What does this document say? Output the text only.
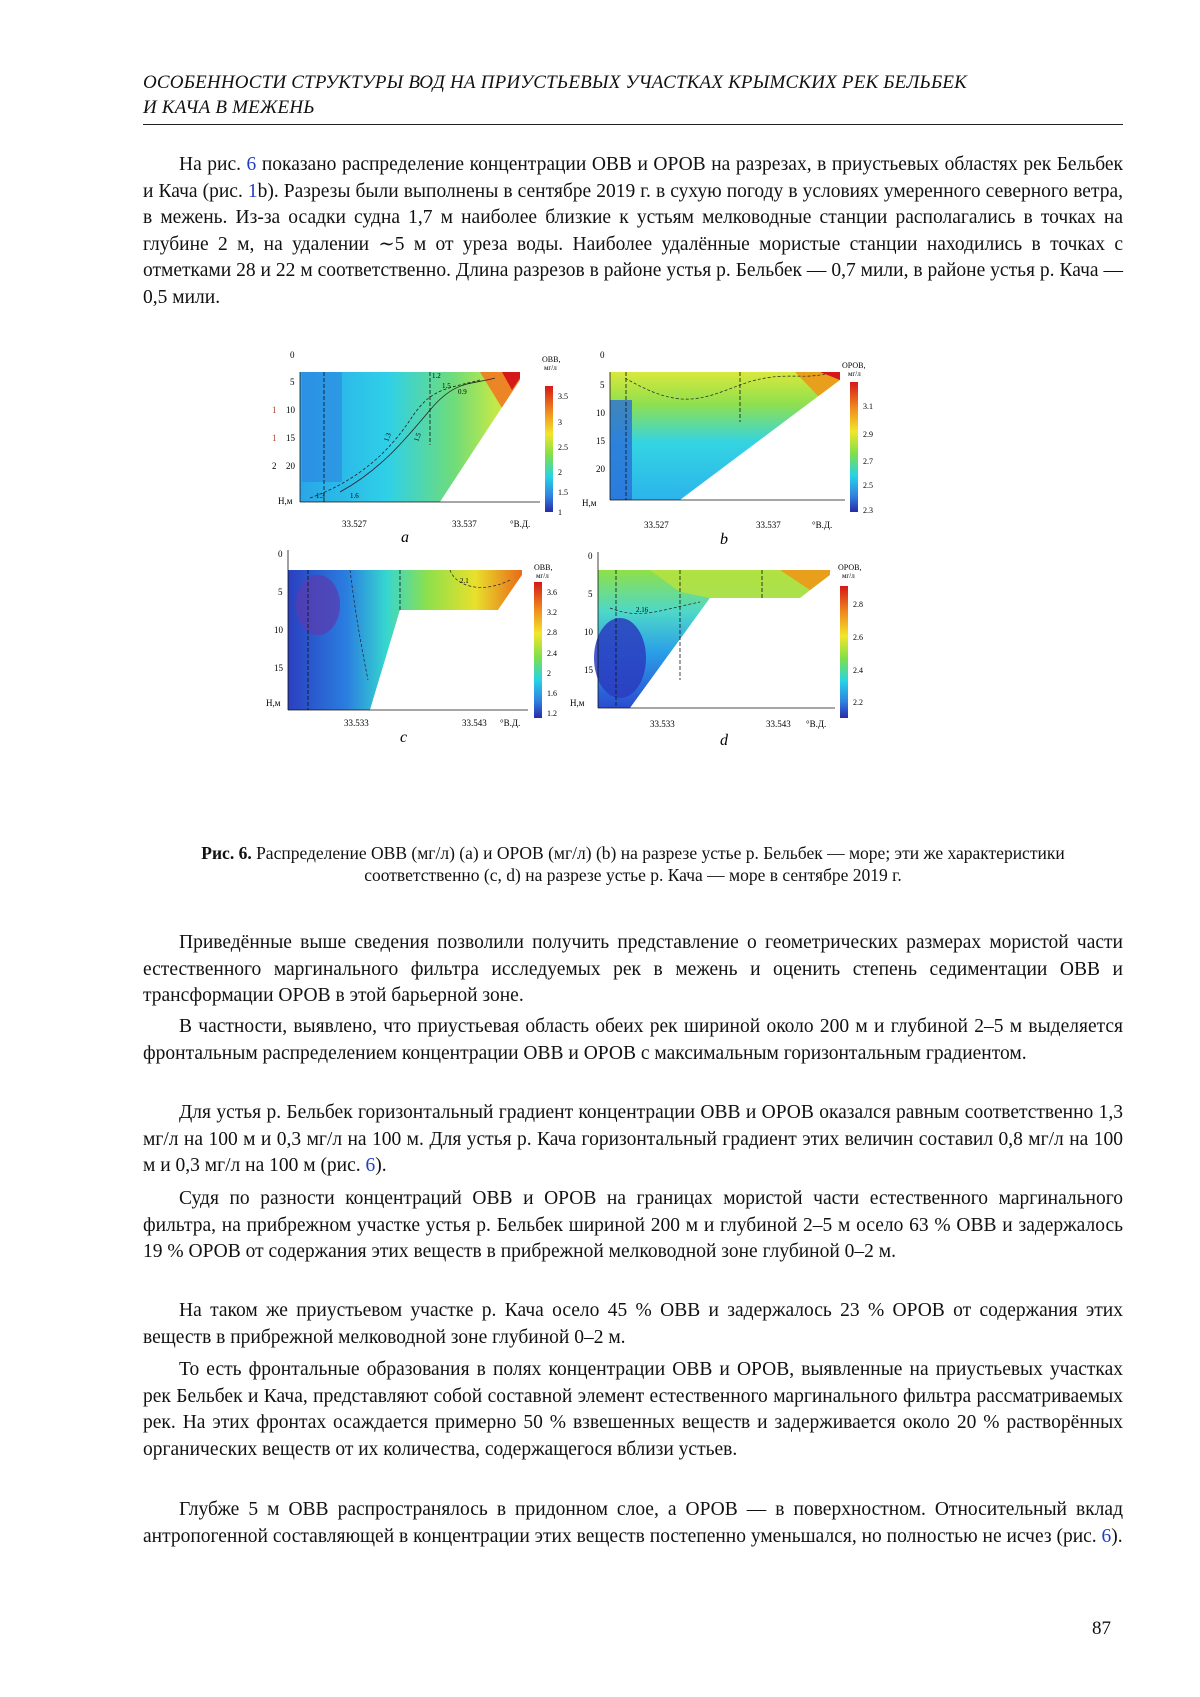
ОСОБЕННОСТИ СТРУКТУРЫ ВОД НА ПРИУСТЬЕВЫХ УЧАСТКАХ КРЫМСКИХ РЕК БЕЛЬБЕК
И КАЧА В МЕЖЕНЬ

На рис. 6 показано распределение концентрации ОВВ и ОРОВ на разрезах, в приустьевых областях рек Бельбек и Кача (рис. 1b). Разрезы были выполнены в сентябре 2019 г. в сухую погоду в условиях умеренного северного ветра, в межень. Из-за осадки судна 1,7 м наиболее близкие к устьям мелководные станции располагались в точках на глубине 2 м, на удалении ∼5 м от уреза воды. Наиболее удалённые мористые станции находились в точках с отметками 28 и 22 м соответственно. Длина разрезов в районе устья р. Бельбек — 0,7 мили, в районе устья р. Кача — 0,5 мили.

1.3	1.5
1.6
1.3
1.5
0.9
1.2
0
5
10
15
20
Н,м
33.527	33.537	°В.Д.
a
ОВВ,
мг/л
3.5
3
2.5
2
1.5
1
0
5
10
15
20
Н,м
33.527	33.537	°В.Д.
b
ОРОВ,
мг/л
3.1
2.9
2.7
2.5
2.3
2.1
0
5
10
15
Н,м
33.533	33.543 °В.Д.
c
ОВВ,
мг/л
3.6
3.2
2.8
2.4
2
1.6
1.2
2.16
0
5
10
15
Н,м
33.533	33.543 °В.Д.
d
ОРОВ,
мг/л
2.8
2.6
2.4
2.2
1
1
2

Рис. 6. Распределение ОВВ (мг/л) (a) и ОРОВ (мг/л) (b) на разрезе устье р. Бельбек — море; эти же характеристики соответственно (c, d) на разрезе устье р. Кача — море в сентябре 2019 г.

Приведённые выше сведения позволили получить представление о геометрических размерах мористой части естественного маргинального фильтра исследуемых рек в межень и оценить степень седиментации ОВВ и трансформации ОРОВ в этой барьерной зоне.

В частности, выявлено, что приустьевая область обеих рек шириной около 200 м и глубиной 2–5 м выделяется фронтальным распределением концентрации ОВВ и ОРОВ с максимальным горизонтальным градиентом.

Для устья р. Бельбек горизонтальный градиент концентрации ОВВ и ОРОВ оказался равным соответственно 1,3 мг/л на 100 м и 0,3 мг/л на 100 м. Для устья р. Кача горизонтальный градиент этих величин составил 0,8 мг/л на 100 м и 0,3 мг/л на 100 м (рис. 6).

Судя по разности концентраций ОВВ и ОРОВ на границах мористой части естественного маргинального фильтра, на прибрежном участке устья р. Бельбек шириной 200 м и глубиной 2–5 м осело 63 % ОВВ и задержалось 19 % ОРОВ от содержания этих веществ в прибрежной мелководной зоне глубиной 0–2 м.

На таком же приустьевом участке р. Кача осело 45 % ОВВ и задержалось 23 % ОРОВ от содержания этих веществ в прибрежной мелководной зоне глубиной 0–2 м.

То есть фронтальные образования в полях концентрации ОВВ и ОРОВ, выявленные на приустьевых участках рек Бельбек и Кача, представляют собой составной элемент естественного маргинального фильтра рассматриваемых рек. На этих фронтах осаждается примерно 50 % взвешенных веществ и задерживается около 20 % растворённых органических веществ от их количества, содержащегося вблизи устьев.

Глубже 5 м ОВВ распространялось в придонном слое, а ОРОВ — в поверхностном. Относительный вклад антропогенной составляющей в концентрации этих веществ постепенно уменьшался, но полностью не исчез (рис. 6).

87
